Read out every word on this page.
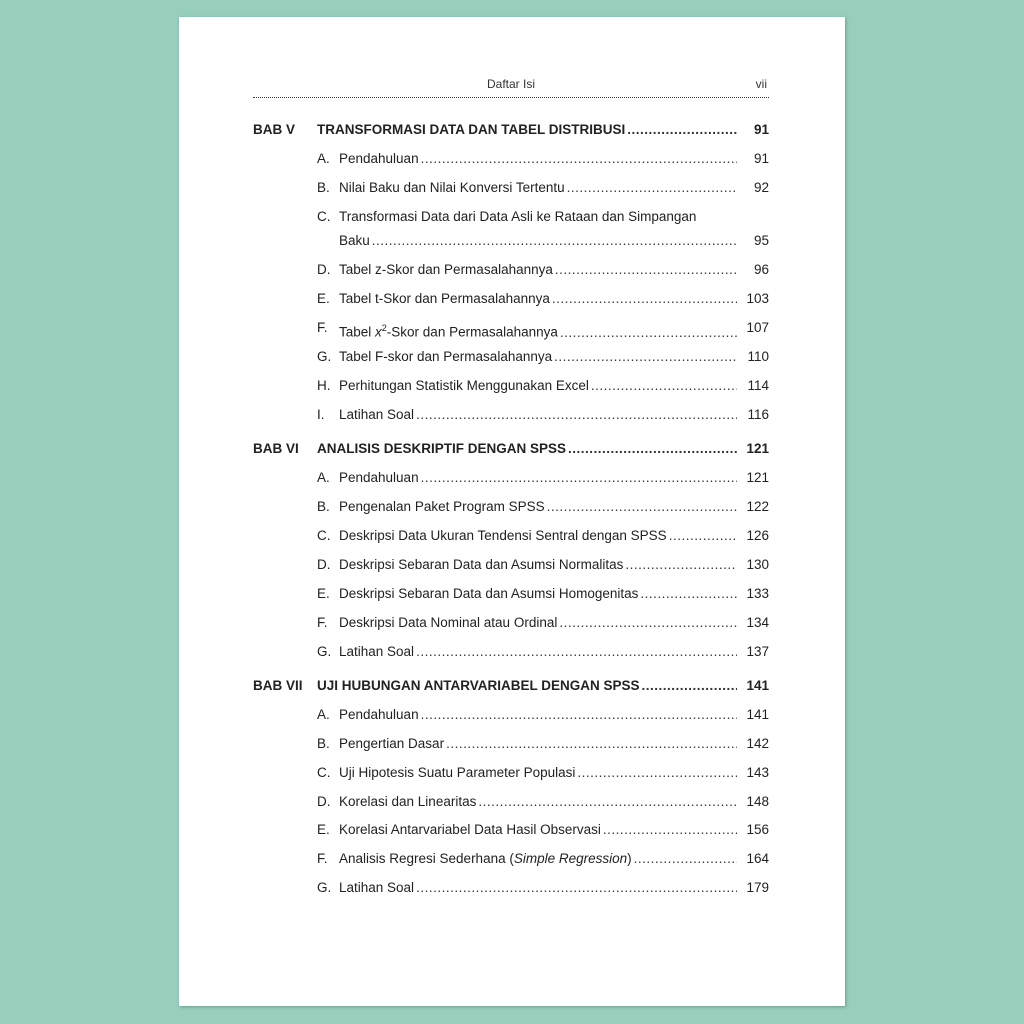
Daftar Isi	vii
BAB V TRANSFORMASI DATA DAN TABEL DISTRIBUSI .....	91
A. Pendahuluan .....	91
B. Nilai Baku dan Nilai Konversi Tertentu .....	92
C. Transformasi Data dari Data Asli ke Rataan dan Simpangan
Baku .....	95
D. Tabel z-Skor dan Permasalahannya .....	96
E. Tabel t-Skor dan Permasalahannya .....	103
F. Tabel $x^2$-Skor dan Permasalahannya .....	107
G. Tabel F-skor dan Permasalahannya .....	110
H. Perhitungan Statistik Menggunakan Excel .....	114
I. Latihan Soal .....	116
BAB VI ANALISIS DESKRIPTIF DENGAN SPSS .....	121
A. Pendahuluan .....	121
B. Pengenalan Paket Program SPSS .....	122
C. Deskripsi Data Ukuran Tendensi Sentral dengan SPSS .....	126
D. Deskripsi Sebaran Data dan Asumsi Normalitas .....	130
E. Deskripsi Sebaran Data dan Asumsi Homogenitas .....	133
F. Deskripsi Data Nominal atau Ordinal .....	134
G. Latihan Soal .....	137
BAB VII UJI HUBUNGAN ANTARVARIABEL DENGAN SPSS .....	141
A. Pendahuluan .....	141
B. Pengertian Dasar .....	142
C. Uji Hipotesis Suatu Parameter Populasi .....	143
D. Korelasi dan Linearitas .....	148
E. Korelasi Antarvariabel Data Hasil Observasi .....	156
F. Analisis Regresi Sederhana (Simple Regression) .....	164
G. Latihan Soal .....	179
